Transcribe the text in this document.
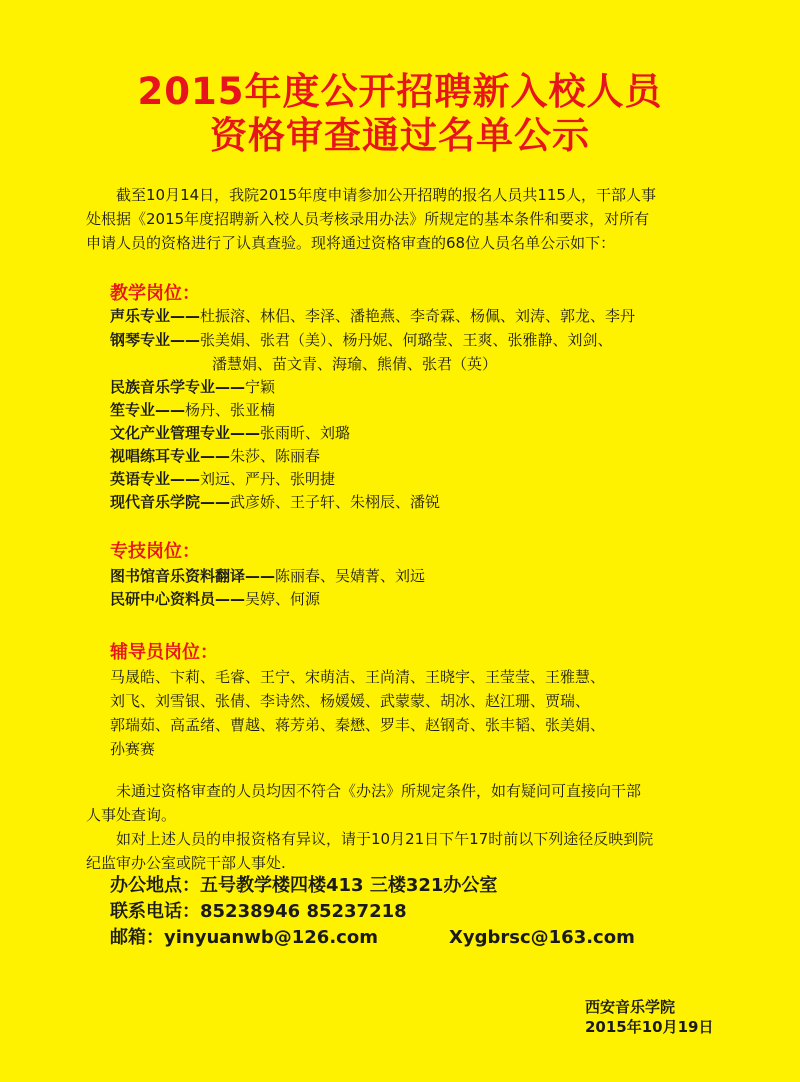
2015年度公开招聘新入校人员
资格审查通过名单公示
截至10月14日，我院2015年度申请参加公开招聘的报名人员共115人，干部人事
处根据《2015年度招聘新入校人员考核录用办法》所规定的基本条件和要求，对所有
申请人员的资格进行了认真查验。现将通过资格审查的68位人员名单公示如下：
教学岗位：
声乐专业——杜振溶、林侣、李泽、潘艳燕、李奇霖、杨佩、刘涛、郭龙、李丹
钢琴专业——张美娟、张君（美）、杨丹妮、何璐莹、王爽、张雅静、刘剑、
潘慧娟、苗文青、海瑜、熊倩、张君（英）
民族音乐学专业——宁颖
笙专业——杨丹、张亚楠
文化产业管理专业——张雨昕、刘璐
视唱练耳专业——朱莎、陈丽春
英语专业——刘远、严丹、张明捷
现代音乐学院——武彦娇、王子轩、朱栩辰、潘锐
专技岗位：
图书馆音乐资料翻译——陈丽春、吴婧菁、刘远
民研中心资料员——吴婷、何源
辅导员岗位：
马晟皓、卞莉、毛睿、王宁、宋萌洁、王尚清、王晓宇、王莹莹、王雅慧、
刘飞、刘雪银、张倩、李诗然、杨媛媛、武蒙蒙、胡冰、赵江珊、贾瑞、
郭瑞茹、高孟绪、曹越、蒋芳弟、秦懋、罗丰、赵钢奇、张丰韬、张美娟、
孙赛赛
未通过资格审查的人员均因不符合《办法》所规定条件，如有疑问可直接向干部
人事处查询。
如对上述人员的申报资格有异议，请于10月21日下午17时前以下列途径反映到院
纪监审办公室或院干部人事处.
办公地点：五号教学楼四楼413 三楼321办公室
联系电话：85238946 85237218
邮箱：yinyuanwb@126.com	Xygbrsc@163.com
西安音乐学院
2015年10月19日
